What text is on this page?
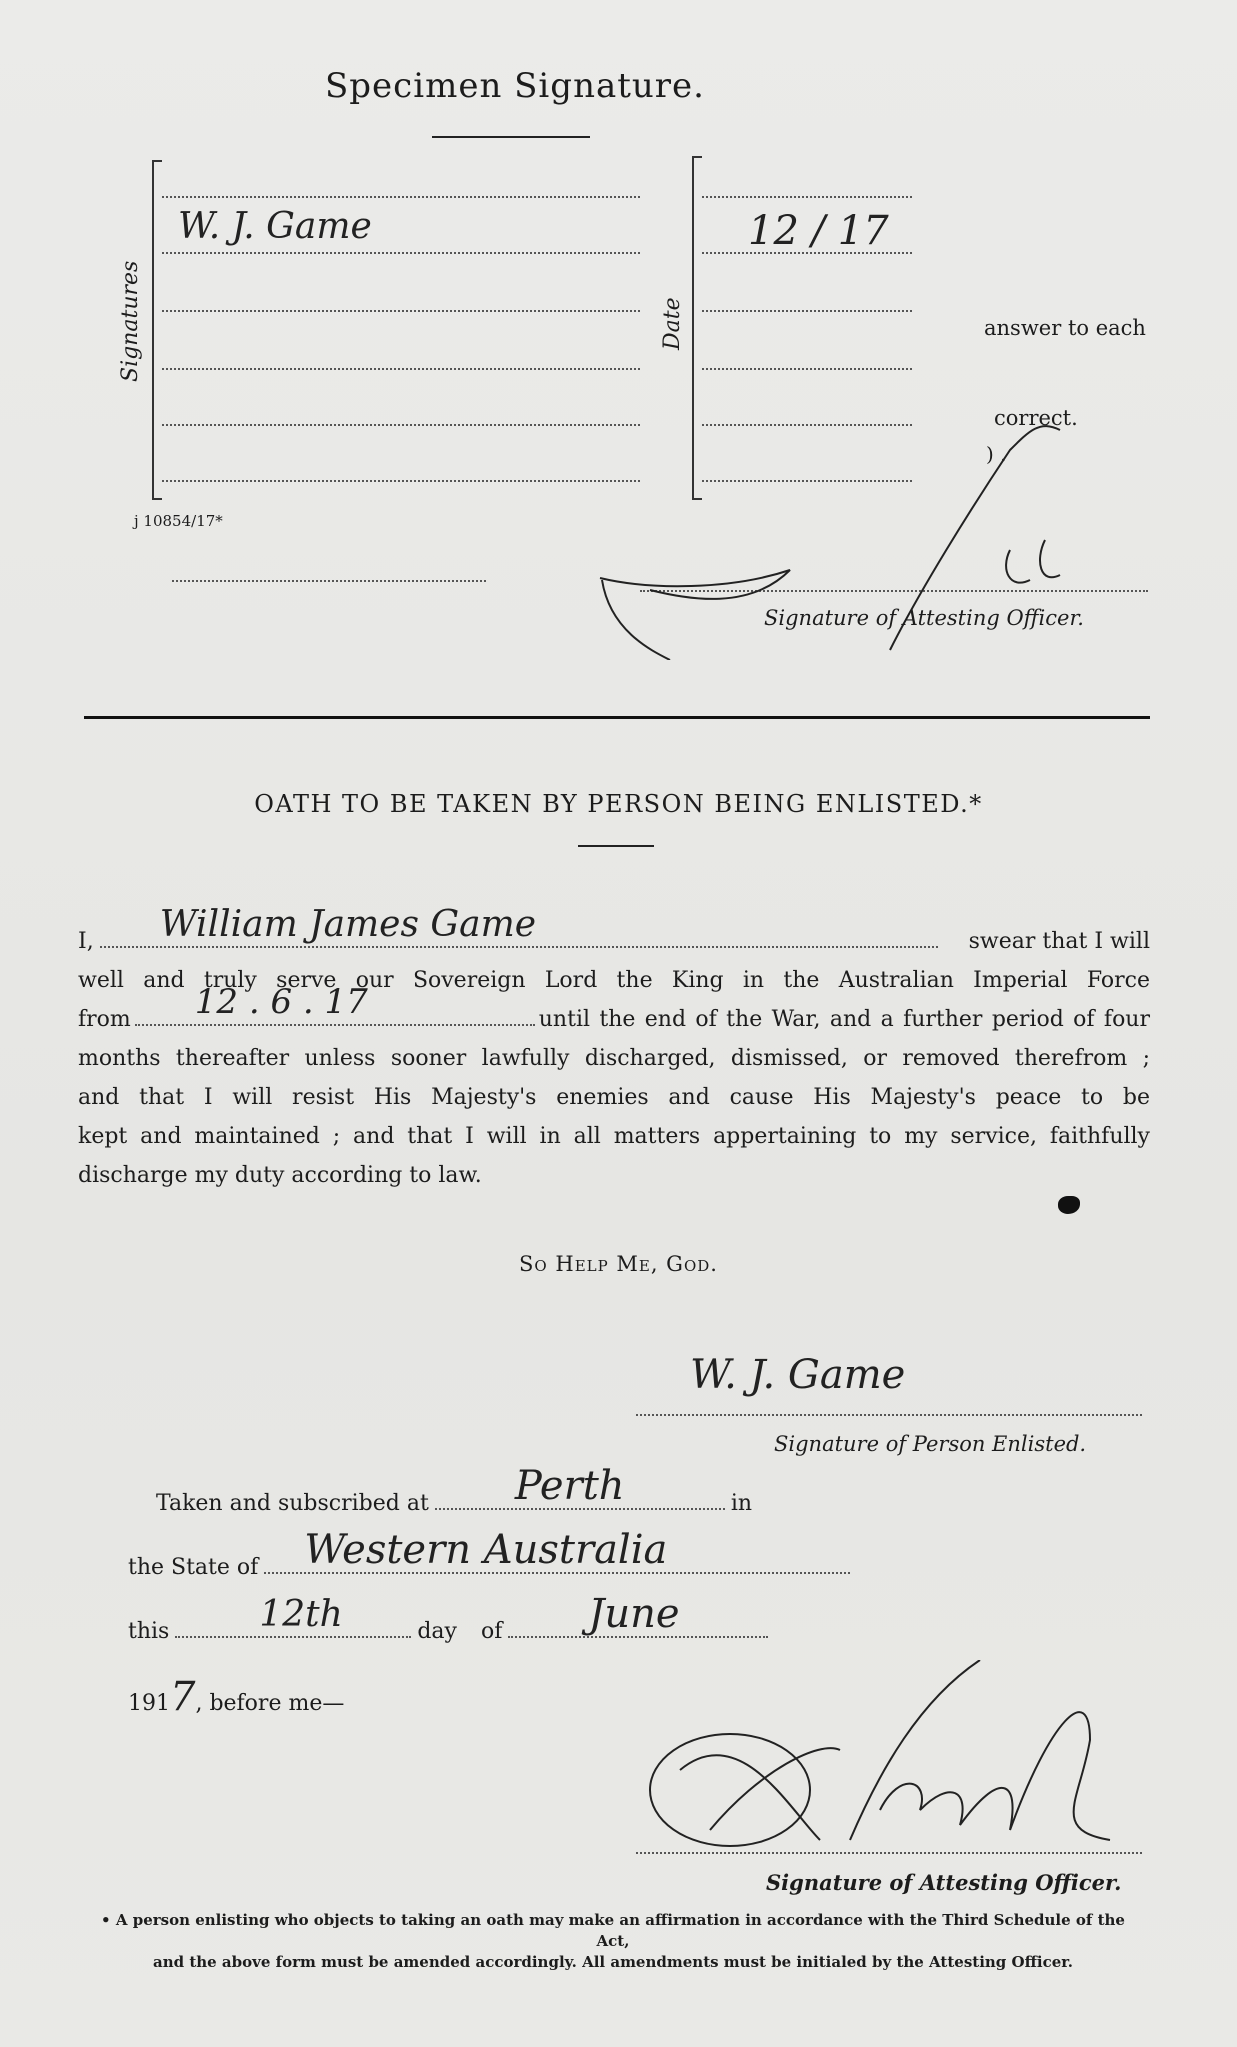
Specimen Signature.
Signatures
W. J. Game
Date
12 / 17
answer to each
correct.
) .
j 10854/17*
Signature of Attesting Officer.
OATH TO BE TAKEN BY PERSON BEING ENLISTED.*
I, William James Game	swear that I will
well and truly serve our Sovereign Lord the King in the Australian Imperial Force
from 12 . 6 . 17	until the end of the War, and a further period of four
months thereafter unless sooner lawfully discharged, dismissed, or removed therefrom ;
and that I will resist His Majesty's enemies and cause His Majesty's peace to be
kept and maintained ; and that I will in all matters appertaining to my service, faithfully
discharge my duty according to law.
So Help Me, God.
W. J. Game
Signature of Person Enlisted.
Taken and subscribed at Perth	in
the State of Western Australia
this	12th	day of June
191 7 , before me—
Signature of Attesting Officer.
• A person enlisting who objects to taking an oath may make an affirmation in accordance with the Third Schedule of the Act,
and the above form must be amended accordingly. All amendments must be initialed by the Attesting Officer.
